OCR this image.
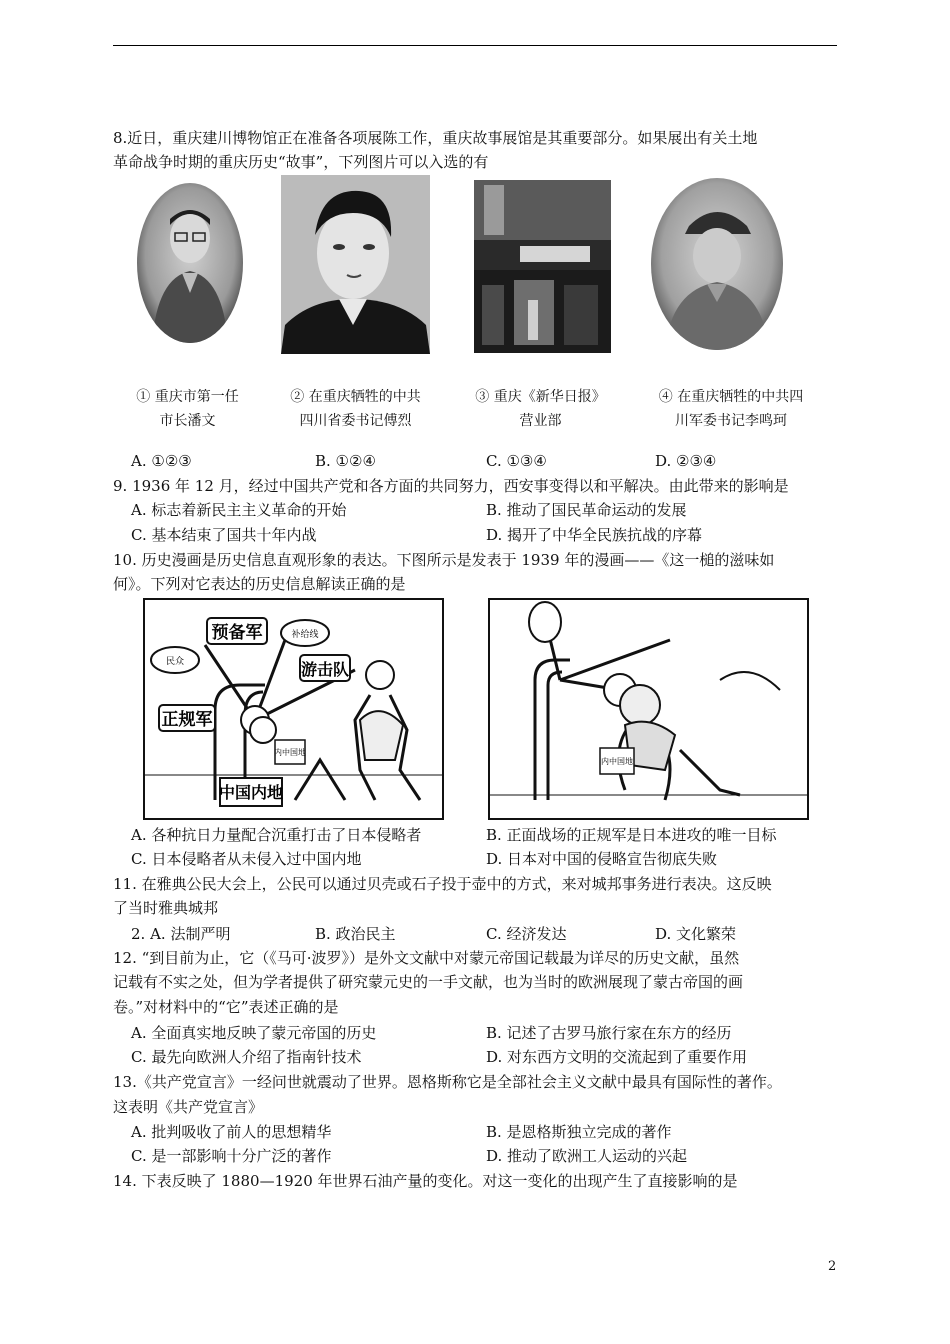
8.近日，重庆建川博物馆正在准备各项展陈工作，重庆故事展馆是其重要部分。如果展出有关土地
革命战争时期的重庆历史“故事”，下列图片可以入选的有
① 重庆市第一任
市长潘文
② 在重庆牺牲的中共
四川省委书记傅烈
③ 重庆《新华日报》
营业部
④ 在重庆牺牲的中共四
川军委书记李鸣珂
A. ①②③	B. ①②④	C. ①③④	D. ②③④
9. 1936 年 12 月，经过中国共产党和各方面的共同努力，西安事变得以和平解决。由此带来的影响是
A. 标志着新民主主义革命的开始	B. 推动了国民革命运动的发展
C. 基本结束了国共十年内战	D. 揭开了中华全民族抗战的序幕
10. 历史漫画是历史信息直观形象的表达。下图所示是发表于 1939 年的漫画——《这一槌的滋味如
何》。下列对它表达的历史信息解读正确的是
预备军
民众
补给线
游击队
正规军
内中国地
中国内地
内中国地
A. 各种抗日力量配合沉重打击了日本侵略者	B. 正面战场的正规军是日本进攻的唯一目标
C. 日本侵略者从未侵入过中国内地	D. 日本对中国的侵略宣告彻底失败
11. 在雅典公民大会上，公民可以通过贝壳或石子投于壶中的方式，来对城邦事务进行表决。这反映
了当时雅典城邦
2. A. 法制严明	B. 政治民主	C. 经济发达	D. 文化繁荣
12. “到目前为止，它（《马可·波罗》）是外文文献中对蒙元帝国记载最为详尽的历史文献，虽然
记载有不实之处，但为学者提供了研究蒙元史的一手文献，也为当时的欧洲展现了蒙古帝国的画
卷。”对材料中的“它”表述正确的是
A. 全面真实地反映了蒙元帝国的历史	B. 记述了古罗马旅行家在东方的经历
C. 最先向欧洲人介绍了指南针技术	D. 对东西方文明的交流起到了重要作用
13.《共产党宣言》一经问世就震动了世界。恩格斯称它是全部社会主义文献中最具有国际性的著作。
这表明《共产党宣言》
A. 批判吸收了前人的思想精华	B. 是恩格斯独立完成的著作
C. 是一部影响十分广泛的著作	D. 推动了欧洲工人运动的兴起
14. 下表反映了 1880—1920 年世界石油产量的变化。对这一变化的出现产生了直接影响的是
2
